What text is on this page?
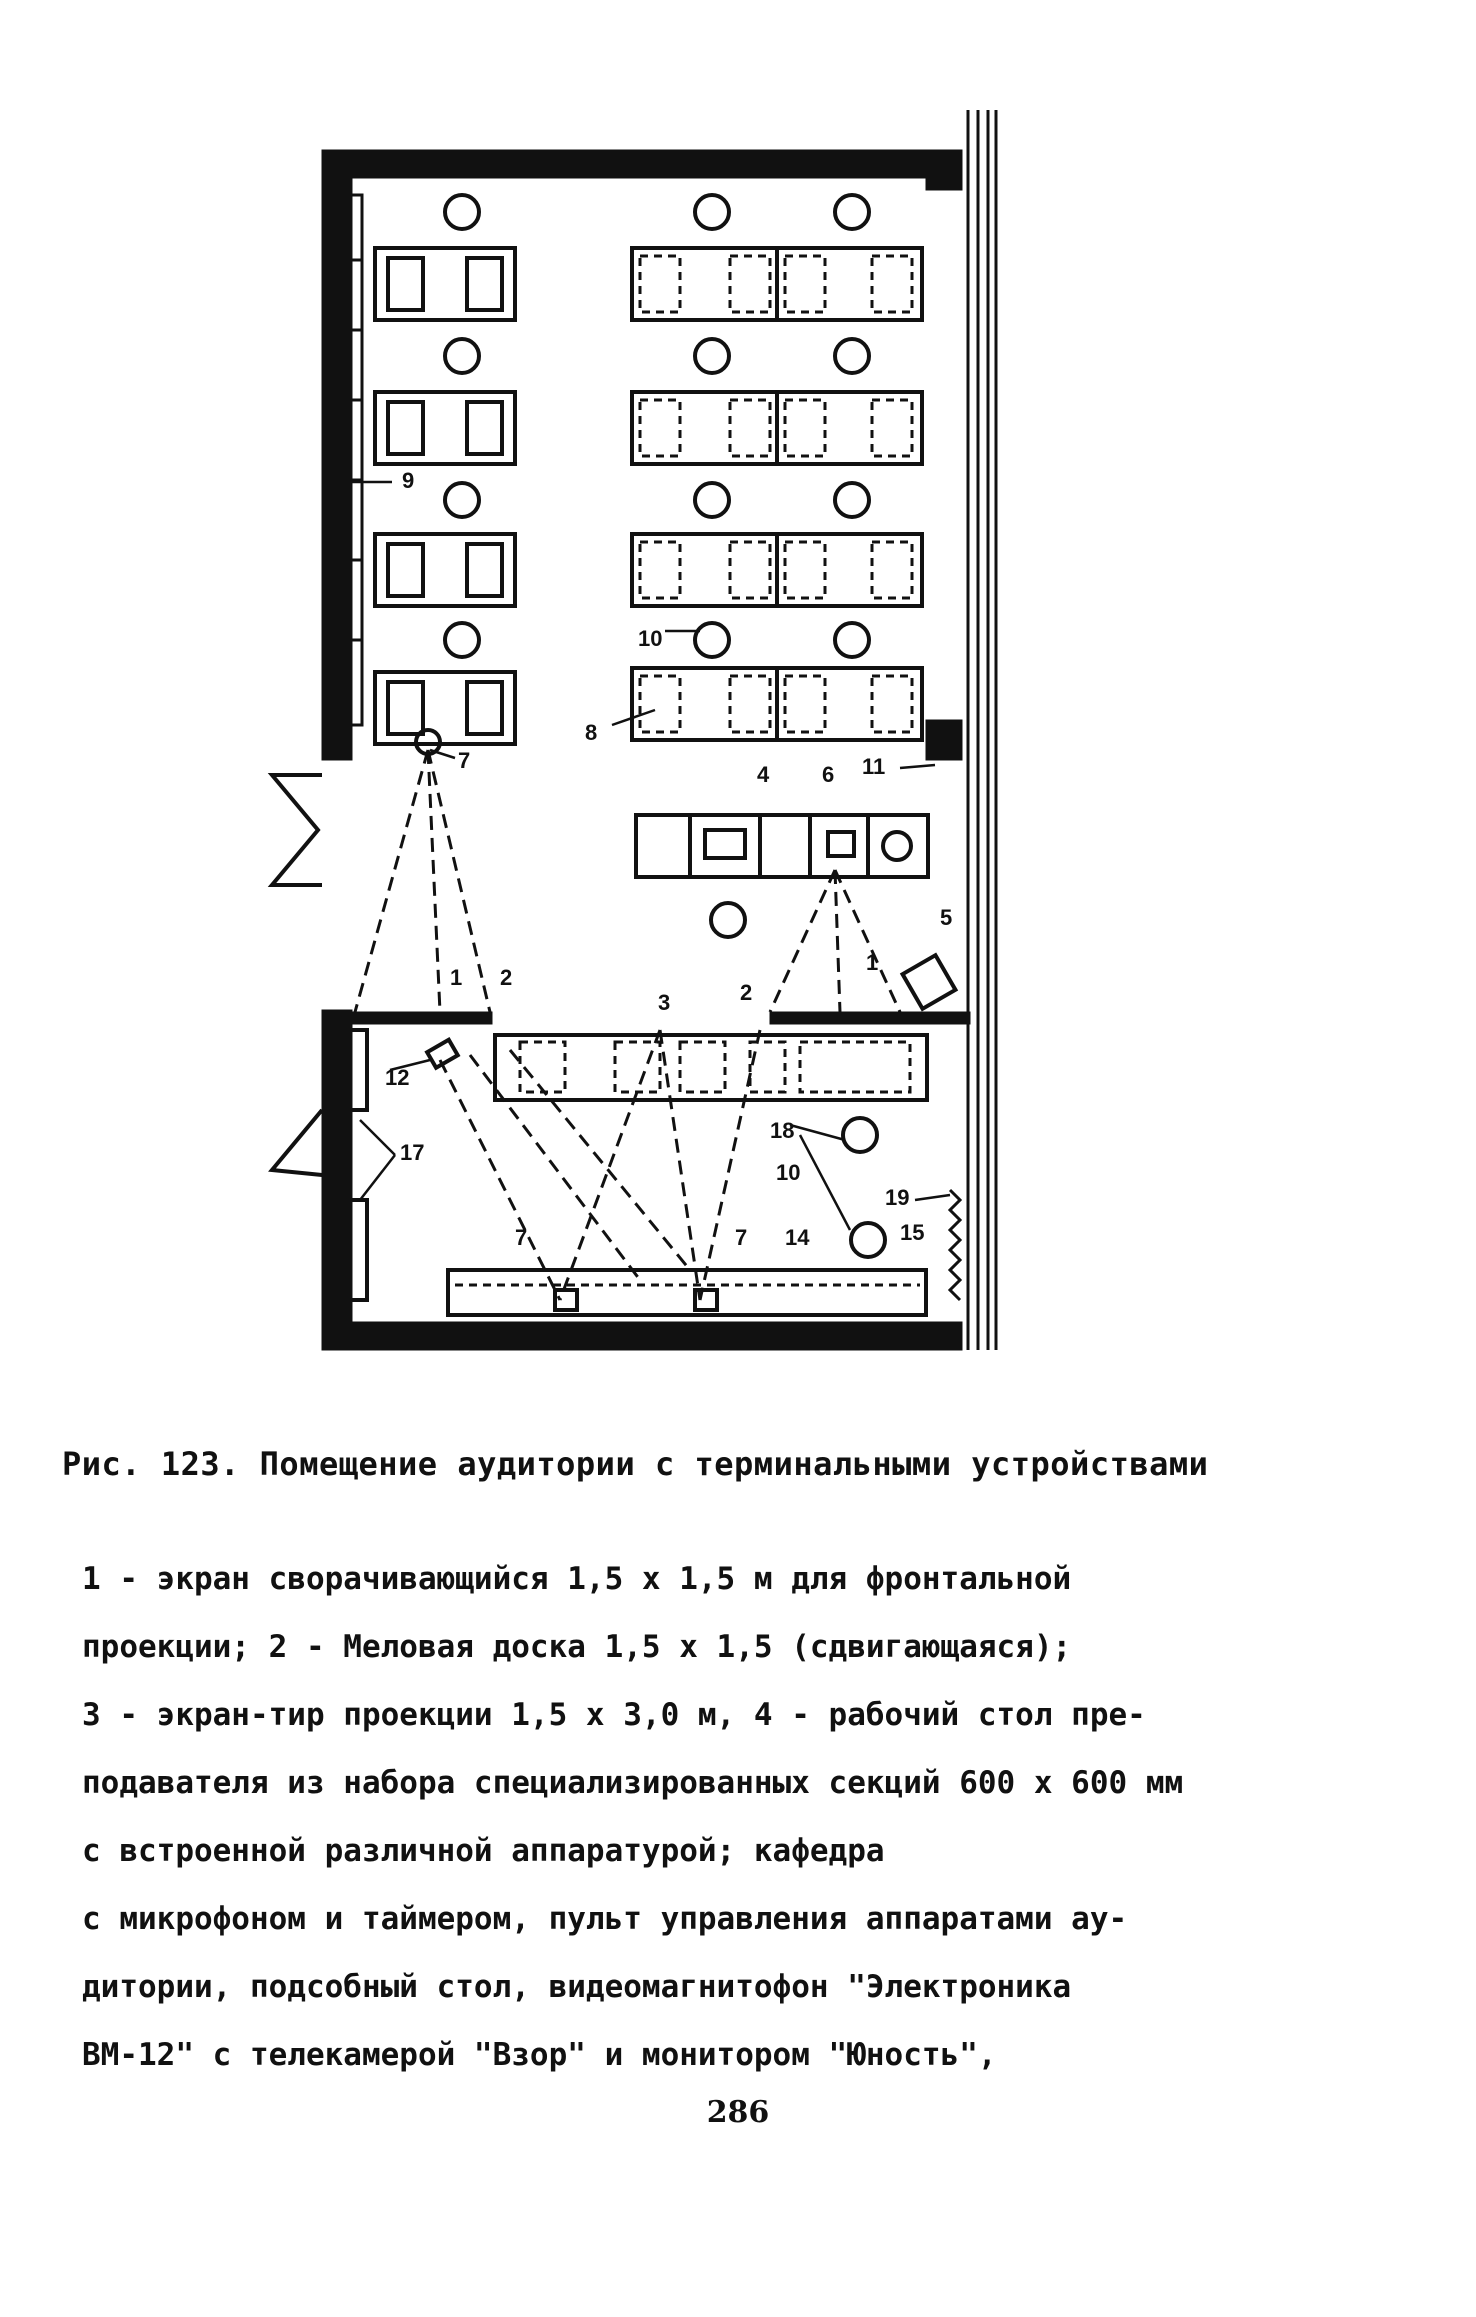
1 2
3
4
5
6
7
8
9
10
11
12
7	7 14	15
17
18
19
2
1
10
Рис. 123. Помещение аудитории с терминальными устройствами

1 - экран сворачивающийся 1,5 х 1,5 м для фронтальной

проекции; 2 - Меловая доска 1,5 х 1,5 (сдвигающаяся);

3 - экран-тир проекции 1,5 х 3,0 м, 4 - рабочий стол пре-

подавателя из набора специализированных секций 600 х 600 мм

с встроенной различной аппаратурой; кафедра

с микрофоном и таймером, пульт управления аппаратами ау-

дитории, подсобный стол, видеомагнитофон "Электроника

ВМ-12" с телекамерой "Взор" и монитором "Юность",

286
